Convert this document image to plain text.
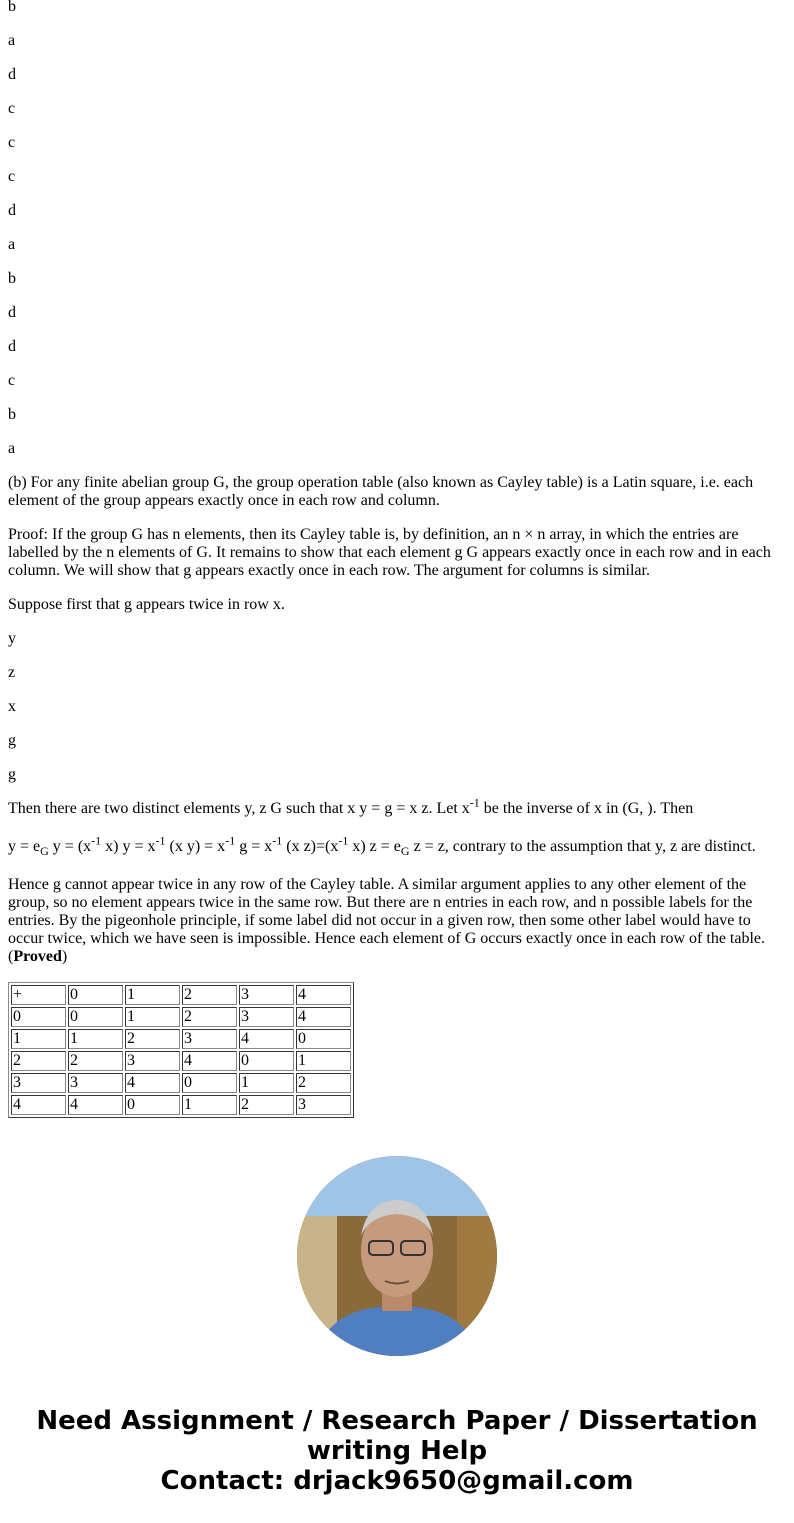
b

a

d

c

c

c

d

a

b

d

d

c

b

a

(b) For any finite abelian group G, the group operation table (also known as Cayley table) is a Latin square, i.e. each element of the group appears exactly once in each row and column.

Proof: If the group G has n elements, then its Cayley table is, by definition, an n × n array, in which the entries are labelled by the n elements of G. It remains to show that each element g G appears exactly once in each row and in each column. We will show that g appears exactly once in each row. The argument for columns is similar.

Suppose first that g appears twice in row x.

y

z

x

g

g

Then there are two distinct elements y, z G such that x y = g = x z. Let $x^{-1}$ be the inverse of x in (G, ). Then

$y = e_G$ $y = (x^{-1}$ x) $y = x^{-1}$ (x $y) = x^{-1}$ $g = x^{-1}$ (x $z)=(x^{-1}$ x) $z = e_G$ z = z, contrary to the assumption that y, z are distinct.

Hence g cannot appear twice in any row of the Cayley table. A similar argument applies to any other element of the group, so no element appears twice in the same row. But there are n entries in each row, and n possible labels for the entries. By the pigeonhole principle, if some label did not occur in a given row, then some other label would have to occur twice, which we have seen is impossible. Hence each element of G occurs exactly once in each row of the table. (Proved)

+	0	1	2	3	4
0	0	1	2	3	4
1	1	2	3	4	0
2	2	3	4	0	1
3	3	4	0	1	2
4	4	0	1	2	3
Need Assignment / Research Paper / Dissertation writing Help
Contact: drjack9650@gmail.com
